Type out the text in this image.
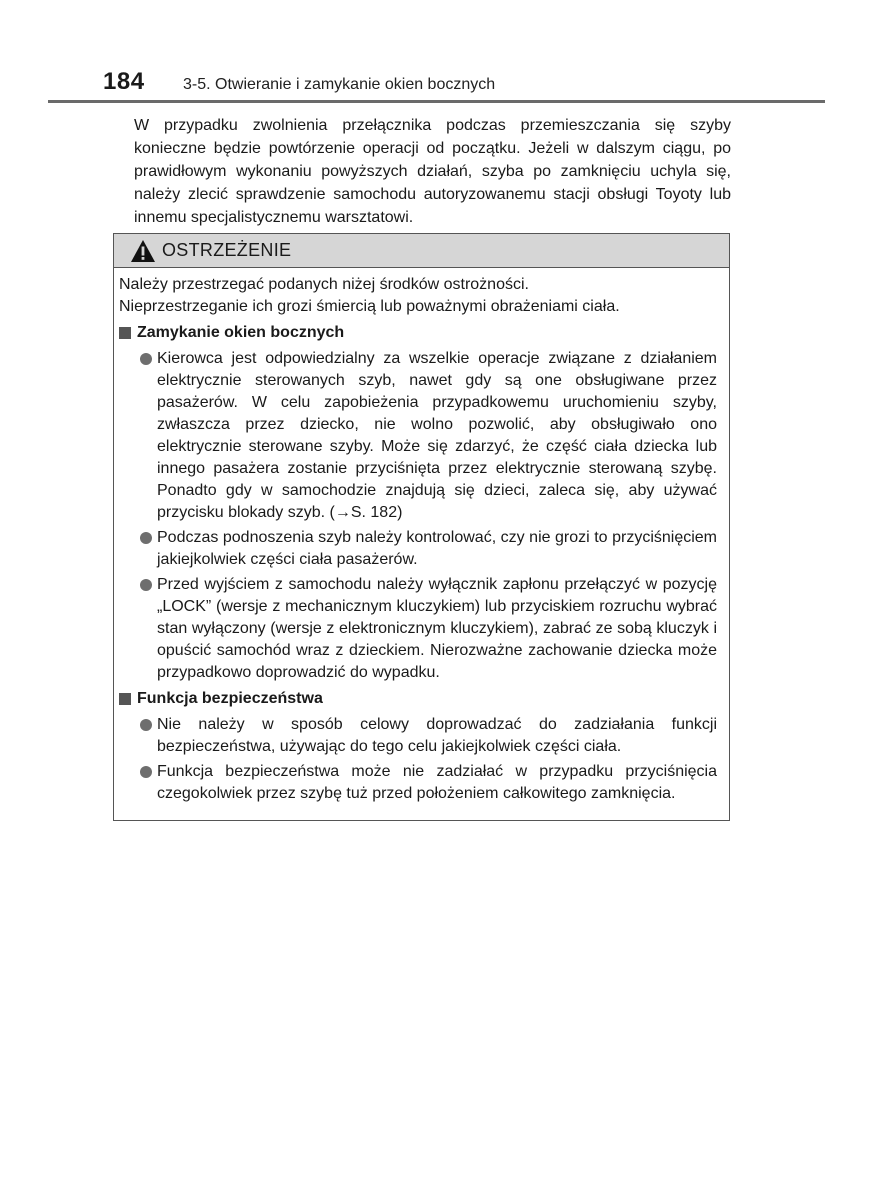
184	3-5. Otwieranie i zamykanie okien bocznych

W przypadku zwolnienia przełącznika podczas przemieszczania się szyby konieczne będzie powtórzenie operacji od początku. Jeżeli w dalszym ciągu, po prawidłowym wykonaniu powyższych działań, szyba po zamknięciu uchyla się, należy zlecić sprawdzenie samochodu autoryzowanemu stacji obsługi Toyoty lub innemu specjalistycznemu warsztatowi.

OSTRZEŻENIE

Należy przestrzegać podanych niżej środków ostrożności.

Nieprzestrzeganie ich grozi śmiercią lub poważnymi obrażeniami ciała.

Zamykanie okien bocznych
Kierowca jest odpowiedzialny za wszelkie operacje związane z działaniem elektrycznie sterowanych szyb, nawet gdy są one obsługiwane przez pasażerów. W celu zapobieżenia przypadkowemu uruchomieniu szyby, zwłaszcza przez dziecko, nie wolno pozwolić, aby obsługiwało ono elektrycznie sterowane szyby. Może się zdarzyć, że część ciała dziecka lub innego pasażera zostanie przyciśnięta przez elektrycznie sterowaną szybę. Ponadto gdy w samochodzie znajdują się dzieci, zaleca się, aby używać przycisku blokady szyb. (→S. 182)
Podczas podnoszenia szyb należy kontrolować, czy nie grozi to przyciśnięciem jakiejkolwiek części ciała pasażerów.
Przed wyjściem z samochodu należy wyłącznik zapłonu przełączyć w pozycję „LOCK” (wersje z mechanicznym kluczykiem) lub przyciskiem rozruchu wybrać stan wyłączony (wersje z elektronicznym kluczykiem), zabrać ze sobą kluczyk i opuścić samochód wraz z dzieckiem. Nierozważne zachowanie dziecka może przypadkowo doprowadzić do wypadku.
Funkcja bezpieczeństwa
Nie należy w sposób celowy doprowadzać do zadziałania funkcji bezpieczeństwa, używając do tego celu jakiejkolwiek części ciała.
Funkcja bezpieczeństwa może nie zadziałać w przypadku przyciśnięcia czegokolwiek przez szybę tuż przed położeniem całkowitego zamknięcia.
